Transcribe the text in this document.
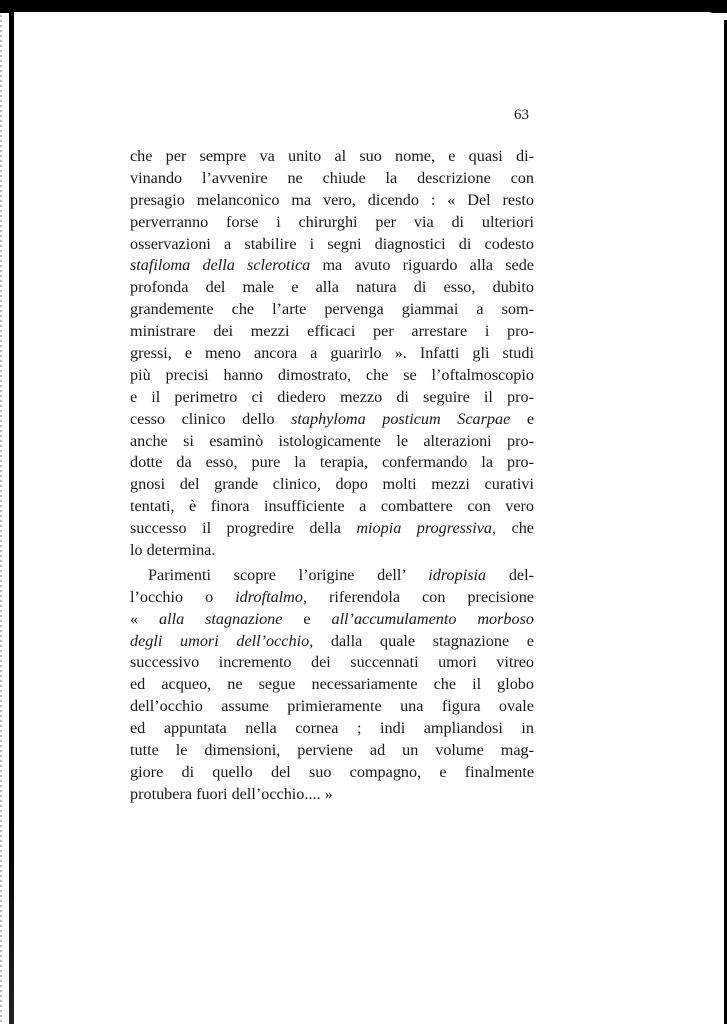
63
che per sempre va unito al suo nome, e quasi di-
vinando l’avvenire ne chiude la descrizione con
presagio melanconico ma vero, dicendo : « Del resto
perverranno forse i chirurghi per via di ulteriori
osservazioni a stabilire i segni diagnostici di codesto
stafiloma della sclerotica ma avuto riguardo alla sede
profonda del male e alla natura di esso, dubito
grandemente che l’arte pervenga giammai a som-
ministrare dei mezzi efficaci per arrestare i pro-
gressi, e meno ancora a guarirlo ». Infatti gli studi
più precisi hanno dimostrato, che se l’oftalmoscopio
e il perimetro ci diedero mezzo di seguire il pro-
cesso clinico dello staphyloma posticum Scarpae e
anche si esaminò istologicamente le alterazioni pro-
dotte da esso, pure la terapia, confermando la pro-
gnosi del grande clinico, dopo molti mezzi curativi
tentati, è finora insufficiente a combattere con vero
successo il progredire della miopia progressiva, che
lo determina.
Parimenti scopre l’origine dell’ idropisia del-
l’occhio o idroftalmo, riferendola con precisione
« alla stagnazione e all’accumulamento morboso
degli umori dell’occhio, dalla quale stagnazione e
successivo incremento dei succennati umori vitreo
ed acqueo, ne segue necessariamente che il globo
dell’occhio assume primieramente una figura ovale
ed appuntata nella cornea ; indi ampliandosi in
tutte le dimensioni, perviene ad un volume mag-
giore di quello del suo compagno, e finalmente
protubera fuori dell’occhio.... »
